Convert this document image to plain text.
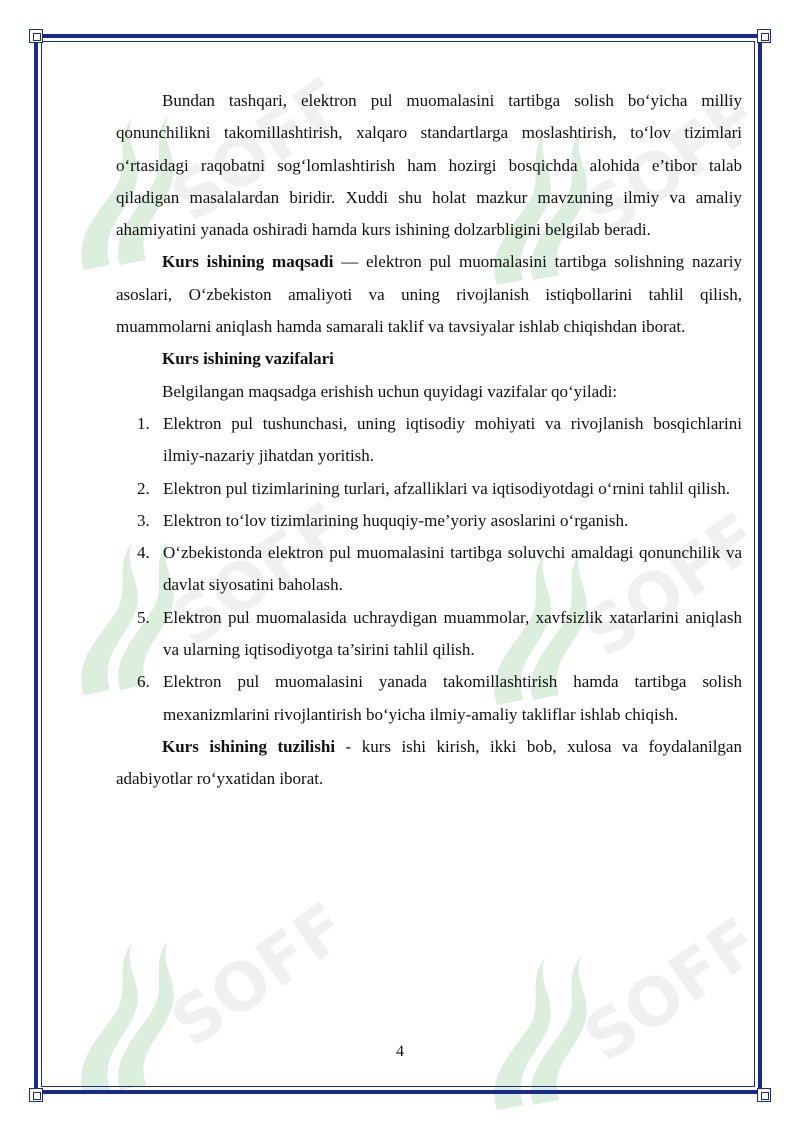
Bundan tashqari, elektron pul muomalasini tartibga solish bo‘yicha milliy qonunchilikni takomillashtirish, xalqaro standartlarga moslashtirish, to‘lov tizimlari o‘rtasidagi raqobatni sog‘lomlashtirish ham hozirgi bosqichda alohida e’tibor talab qiladigan masalalardan biridir. Xuddi shu holat mazkur mavzuning ilmiy va amaliy ahamiyatini yanada oshiradi hamda kurs ishining dolzarbligini belgilab beradi.

Kurs ishining maqsadi — elektron pul muomalasini tartibga solishning nazariy asoslari, O‘zbekiston amaliyoti va uning rivojlanish istiqbollarini tahlil qilish, muammolarni aniqlash hamda samarali taklif va tavsiyalar ishlab chiqishdan iborat.

Kurs ishining vazifalari

Belgilangan maqsadga erishish uchun quyidagi vazifalar qo‘yiladi:

1. Elektron pul tushunchasi, uning iqtisodiy mohiyati va rivojlanish bosqichlarini ilmiy-nazariy jihatdan yoritish.
2. Elektron pul tizimlarining turlari, afzalliklari va iqtisodiyotdagi o‘rnini tahlil qilish.
3. Elektron to‘lov tizimlarining huquqiy-me’yoriy asoslarini o‘rganish.
4. O‘zbekistonda elektron pul muomalasini tartibga soluvchi amaldagi qonunchilik va davlat siyosatini baholash.
5. Elektron pul muomalasida uchraydigan muammolar, xavfsizlik xatarlarini aniqlash va ularning iqtisodiyotga ta’sirini tahlil qilish.
6. Elektron pul muomalasini yanada takomillashtirish hamda tartibga solish mexanizmlarini rivojlantirish bo‘yicha ilmiy-amaliy takliflar ishlab chiqish.

Kurs ishining tuzilishi - kurs ishi kirish, ikki bob, xulosa va foydalanilgan adabiyotlar ro‘yxatidan iborat.

4
